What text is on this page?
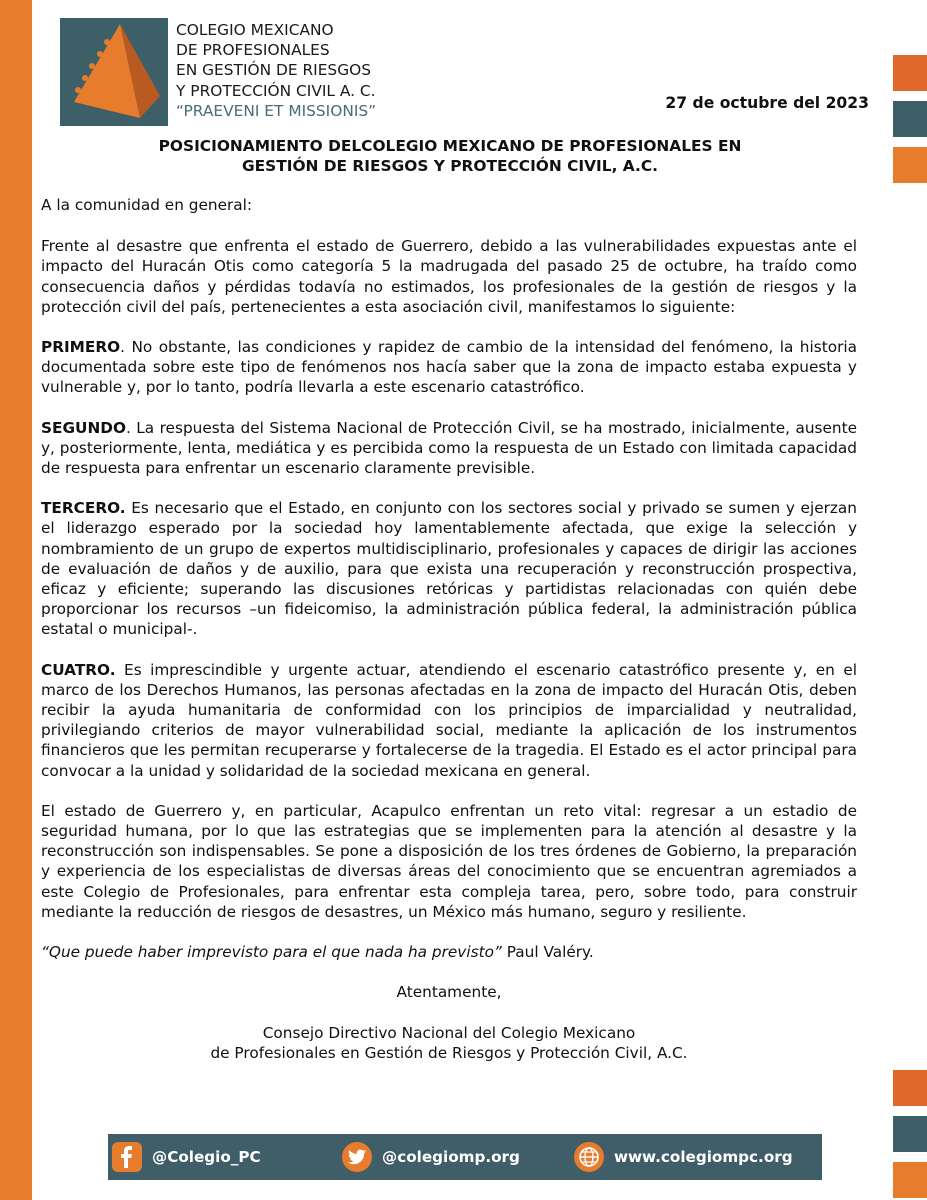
COLEGIO MEXICANO
DE PROFESIONALES
EN GESTIÓN DE RIESGOS
Y PROTECCIÓN CIVIL A. C.
“PRAEVENI ET MISSIONIS”	27 de octubre del 2023
POSICIONAMIENTO DELCOLEGIO MEXICANO DE PROFESIONALES EN
GESTIÓN DE RIESGOS Y PROTECCIÓN CIVIL, A.C.

A la comunidad en general:

Frente al desastre que enfrenta el estado de Guerrero, debido a las vulnerabilidades expuestas ante el impacto del Huracán Otis como categoría 5 la madrugada del pasado 25 de octubre, ha traído como consecuencia daños y pérdidas todavía no estimados, los profesionales de la gestión de riesgos y la protección civil del país, pertenecientes a esta asociación civil, manifestamos lo siguiente:

PRIMERO. No obstante, las condiciones y rapidez de cambio de la intensidad del fenómeno, la historia documentada sobre este tipo de fenómenos nos hacía saber que la zona de impacto estaba expuesta y vulnerable y, por lo tanto, podría llevarla a este escenario catastrófico.

SEGUNDO. La respuesta del Sistema Nacional de Protección Civil, se ha mostrado, inicialmente, ausente y, posteriormente, lenta, mediática y es percibida como la respuesta de un Estado con limitada capacidad de respuesta para enfrentar un escenario claramente previsible.

TERCERO. Es necesario que el Estado, en conjunto con los sectores social y privado se sumen y ejerzan el liderazgo esperado por la sociedad hoy lamentablemente afectada, que exige la selección y nombramiento de un grupo de expertos multidisciplinario, profesionales y capaces de dirigir las acciones de evaluación de daños y de auxilio, para que exista una recuperación y reconstrucción prospectiva, eficaz y eficiente; superando las discusiones retóricas y partidistas relacionadas con quién debe proporcionar los recursos –un fideicomiso, la administración pública federal, la administración pública estatal o municipal-.

CUATRO. Es imprescindible y urgente actuar, atendiendo el escenario catastrófico presente y, en el marco de los Derechos Humanos, las personas afectadas en la zona de impacto del Huracán Otis, deben recibir la ayuda humanitaria de conformidad con los principios de imparcialidad y neutralidad, privilegiando criterios de mayor vulnerabilidad social, mediante la aplicación de los instrumentos financieros que les permitan recuperarse y fortalecerse de la tragedia. El Estado es el actor principal para convocar a la unidad y solidaridad de la sociedad mexicana en general.

El estado de Guerrero y, en particular, Acapulco enfrentan un reto vital: regresar a un estadio de seguridad humana, por lo que las estrategias que se implementen para la atención al desastre y la reconstrucción son indispensables. Se pone a disposición de los tres órdenes de Gobierno, la preparación y experiencia de los especialistas de diversas áreas del conocimiento que se encuentran agremiados a este Colegio de Profesionales, para enfrentar esta compleja tarea, pero, sobre todo, para construir mediante la reducción de riesgos de desastres, un México más humano, seguro y resiliente.

“Que puede haber imprevisto para el que nada ha previsto” Paul Valéry.

Atentamente,

Consejo Directivo Nacional del Colegio Mexicano
de Profesionales en Gestión de Riesgos y Protección Civil, A.C.

@Colegio_PC	@colegiomp.org	www.colegiompc.org
